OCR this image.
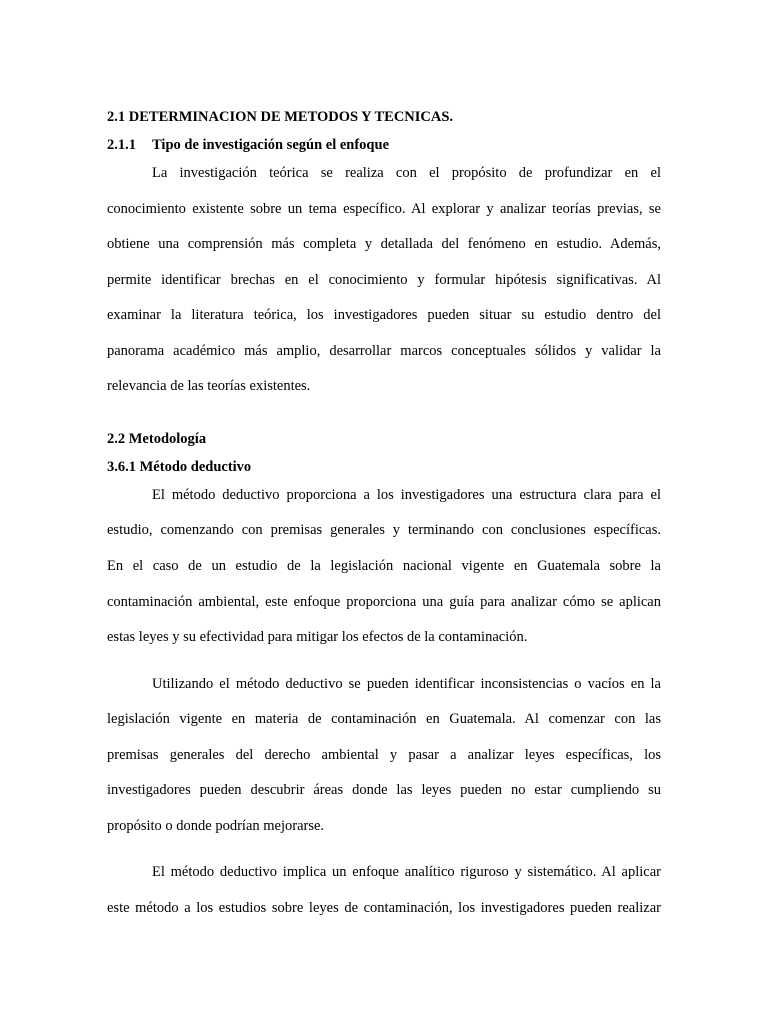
2.1 DETERMINACION DE METODOS Y TECNICAS.
2.1.1 Tipo de investigación según el enfoque
La investigación teórica se realiza con el propósito de profundizar en el
conocimiento existente sobre un tema específico. Al explorar y analizar teorías previas, se
obtiene una comprensión más completa y detallada del fenómeno en estudio. Además,
permite identificar brechas en el conocimiento y formular hipótesis significativas. Al
examinar la literatura teórica, los investigadores pueden situar su estudio dentro del
panorama académico más amplio, desarrollar marcos conceptuales sólidos y validar la
relevancia de las teorías existentes.
2.2 Metodología
3.6.1 Método deductivo
El método deductivo proporciona a los investigadores una estructura clara para el
estudio, comenzando con premisas generales y terminando con conclusiones específicas.
En el caso de un estudio de la legislación nacional vigente en Guatemala sobre la
contaminación ambiental, este enfoque proporciona una guía para analizar cómo se aplican
estas leyes y su efectividad para mitigar los efectos de la contaminación.
Utilizando el método deductivo se pueden identificar inconsistencias o vacíos en la
legislación vigente en materia de contaminación en Guatemala. Al comenzar con las
premisas generales del derecho ambiental y pasar a analizar leyes específicas, los
investigadores pueden descubrir áreas donde las leyes pueden no estar cumpliendo su
propósito o donde podrían mejorarse.
El método deductivo implica un enfoque analítico riguroso y sistemático. Al aplicar
este método a los estudios sobre leyes de contaminación, los investigadores pueden realizar
